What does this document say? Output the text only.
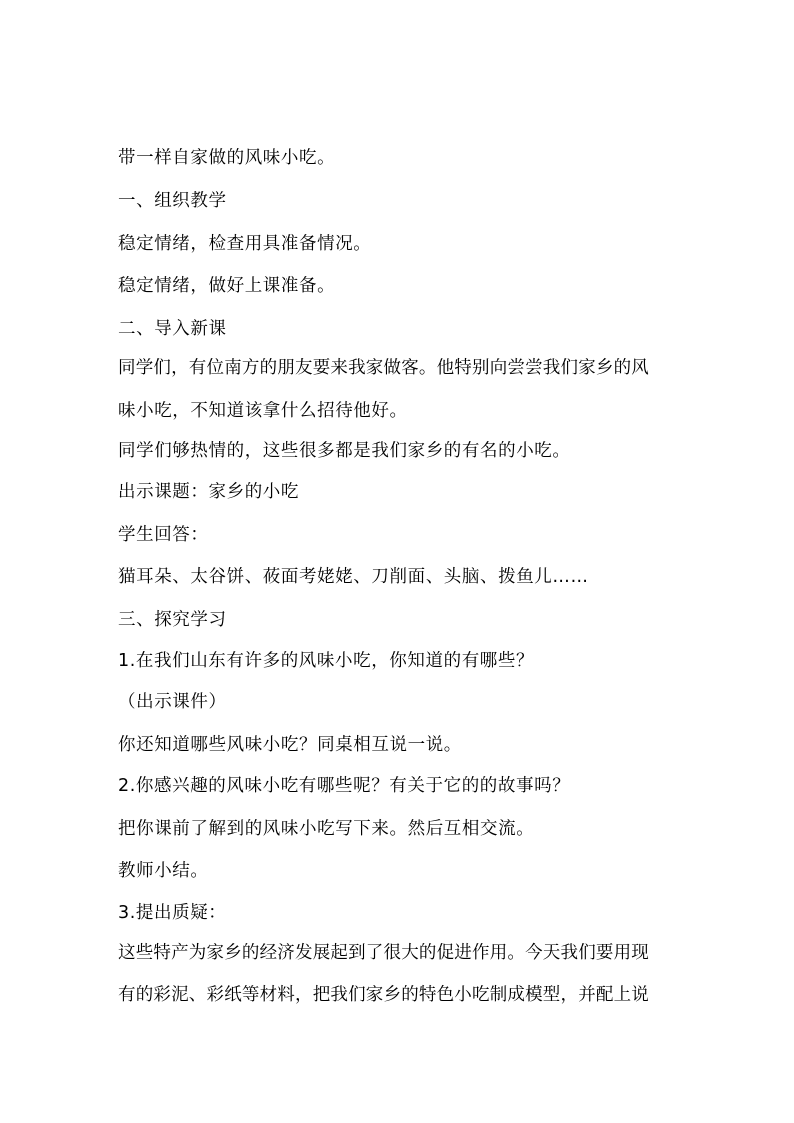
带一样自家做的风味小吃。
一、组织教学
稳定情绪，检查用具准备情况。
稳定情绪，做好上课准备。
二、导入新课
同学们，有位南方的朋友要来我家做客。他特别向尝尝我们家乡的风
味小吃，不知道该拿什么招待他好。
同学们够热情的，这些很多都是我们家乡的有名的小吃。
出示课题：家乡的小吃
学生回答：
猫耳朵、太谷饼、莜面考姥姥、刀削面、头脑、拨鱼儿……
三、探究学习
1.在我们山东有许多的风味小吃，你知道的有哪些？
（出示课件）
你还知道哪些风味小吃？同桌相互说一说。
2.你感兴趣的风味小吃有哪些呢？有关于它的的故事吗？
把你课前了解到的风味小吃写下来。然后互相交流。
教师小结。
3.提出质疑：
这些特产为家乡的经济发展起到了很大的促进作用。今天我们要用现
有的彩泥、彩纸等材料，把我们家乡的特色小吃制成模型，并配上说
